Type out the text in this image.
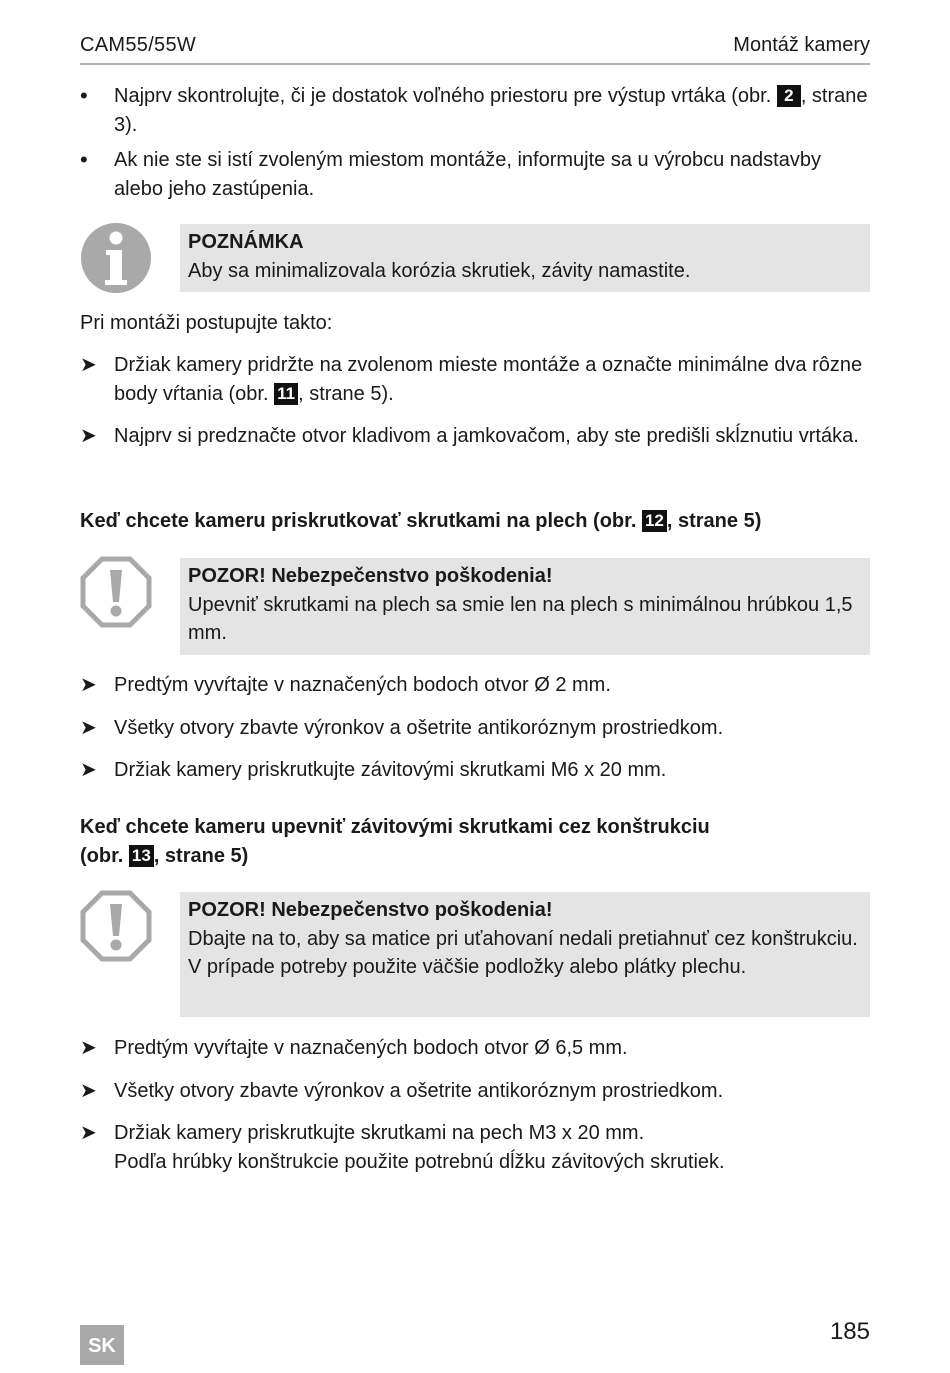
CAM55/55W	Montáž kamery
•	Najprv skontrolujte, či je dostatok voľného priestoru pre výstup vrtáka (obr. 2 , strane 3).
•	Ak nie ste si istí zvoleným miestom montáže, informujte sa u výrobcu nadstavby alebo jeho zastúpenia.
POZNÁMKA
Aby sa minimalizovala korózia skrutiek, závity namastite.
Pri montáži postupujte takto:
➤ Držiak kamery pridržte na zvolenom mieste montáže a označte minimálne dva rôzne body vŕtania (obr. 11 , strane 5).
➤ Najprv si predznačte otvor kladivom a jamkovačom, aby ste predišli skĺznutiu vrtáka.
Keď chcete kameru priskrutkovať skrutkami na plech (obr. 12 , strane 5)
POZOR! Nebezpečenstvo poškodenia!
Upevniť skrutkami na plech sa smie len na plech s minimálnou hrúbkou 1,5 mm.
➤ Predtým vyvŕtajte v naznačených bodoch otvor Ø 2 mm.
➤ Všetky otvory zbavte výronkov a ošetrite antikoróznym prostriedkom.
➤ Držiak kamery priskrutkujte závitovými skrutkami M6 x 20 mm.
Keď chcete kameru upevniť závitovými skrutkami cez konštrukciu
(obr. 13 , strane 5)
POZOR! Nebezpečenstvo poškodenia!
Dbajte na to, aby sa matice pri uťahovaní nedali pretiahnuť cez konštrukciu.
V prípade potreby použite väčšie podložky alebo plátky plechu.
➤ Predtým vyvŕtajte v naznačených bodoch otvor Ø 6,5 mm.
➤ Všetky otvory zbavte výronkov a ošetrite antikoróznym prostriedkom.
➤ Držiak kamery priskrutkujte skrutkami na pech M3 x 20 mm.
Podľa hrúbky konštrukcie použite potrebnú dĺžku závitových skrutiek.
SK
185
